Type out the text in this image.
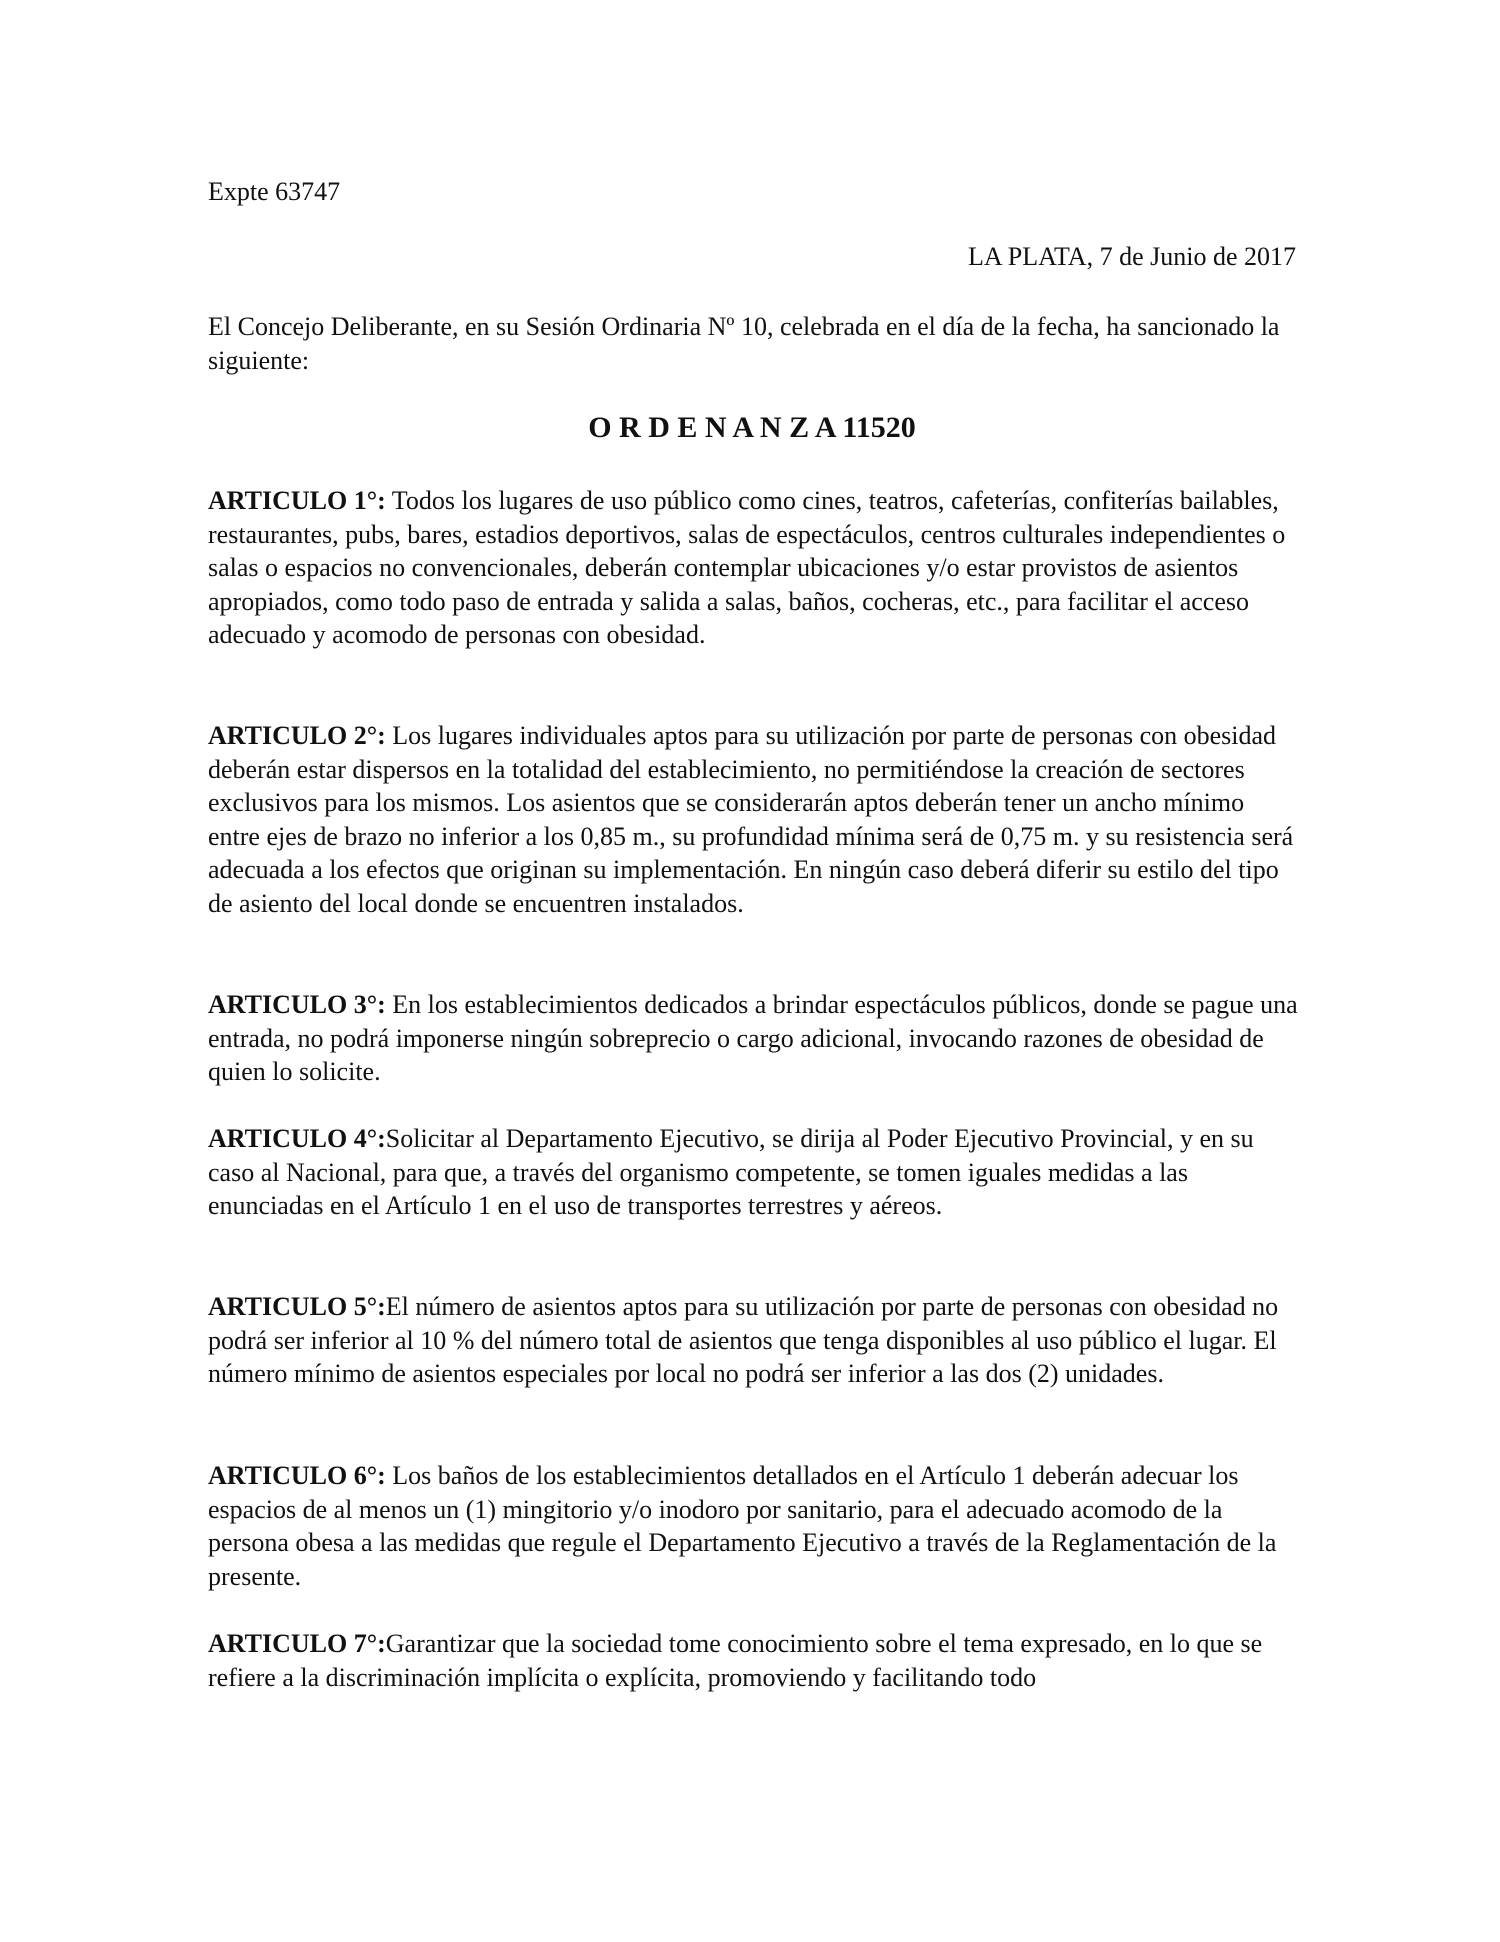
Expte 63747
LA PLATA, 7 de Junio de 2017
El Concejo Deliberante, en su Sesión Ordinaria Nº 10, celebrada en el día de la fecha, ha sancionado la siguiente:
O R D E N A N Z A 11520
ARTICULO 1°: Todos los lugares de uso público como cines, teatros, cafeterías, confiterías bailables, restaurantes, pubs, bares, estadios deportivos, salas de espectáculos, centros culturales independientes o salas o espacios no convencionales, deberán contemplar ubicaciones y/o estar provistos de asientos apropiados, como todo paso de entrada y salida a salas, baños, cocheras, etc., para facilitar el acceso adecuado y acomodo de personas con obesidad.
ARTICULO 2°: Los lugares individuales aptos para su utilización por parte de personas con obesidad deberán estar dispersos en la totalidad del establecimiento, no permitiéndose la creación de sectores exclusivos para los mismos. Los asientos que se considerarán aptos deberán tener un ancho mínimo entre ejes de brazo no inferior a los 0,85 m., su profundidad mínima será de 0,75 m. y su resistencia será adecuada a los efectos que originan su implementación. En ningún caso deberá diferir su estilo del tipo de asiento del local donde se encuentren instalados.
ARTICULO 3°: En los establecimientos dedicados a brindar espectáculos públicos, donde se pague una entrada, no podrá imponerse ningún sobreprecio o cargo adicional, invocando razones de obesidad de quien lo solicite.
ARTICULO 4°:Solicitar al Departamento Ejecutivo, se dirija al Poder Ejecutivo Provincial, y en su caso al Nacional, para que, a través del organismo competente, se tomen iguales medidas a las enunciadas en el Artículo 1 en el uso de transportes terrestres y aéreos.
ARTICULO 5°:El número de asientos aptos para su utilización por parte de personas con obesidad no podrá ser inferior al 10 % del número total de asientos que tenga disponibles al uso público el lugar. El número mínimo de asientos especiales por local no podrá ser inferior a las dos (2) unidades.
ARTICULO 6°: Los baños de los establecimientos detallados en el Artículo 1 deberán adecuar los espacios de al menos un (1) mingitorio y/o inodoro por sanitario, para el adecuado acomodo de la persona obesa a las medidas que regule el Departamento Ejecutivo a través de la Reglamentación de la presente.
ARTICULO 7°:Garantizar que la sociedad tome conocimiento sobre el tema expresado, en lo que se refiere a la discriminación implícita o explícita, promoviendo y facilitando todo
